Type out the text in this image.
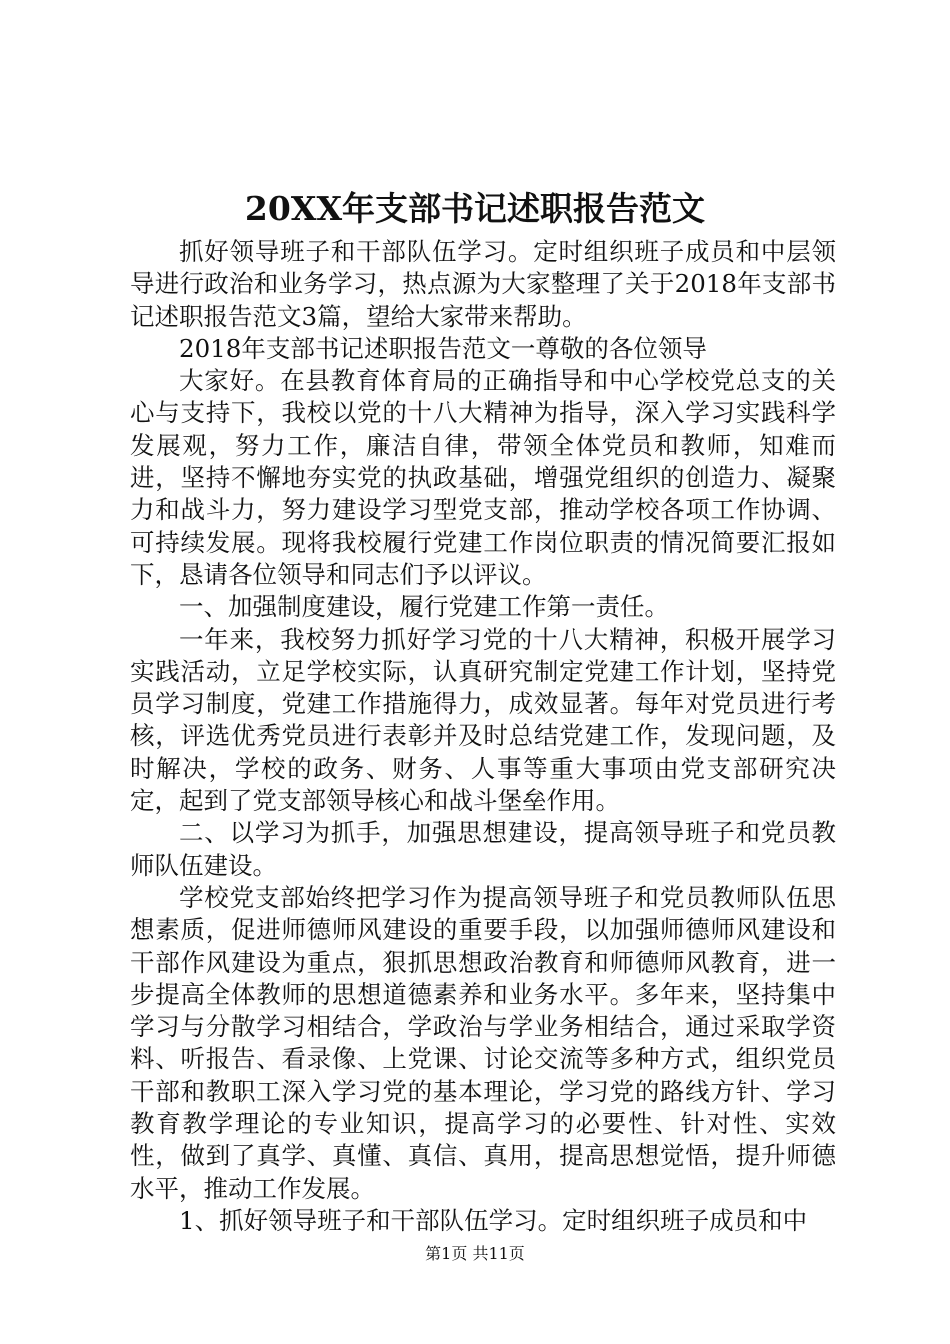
20XX年支部书记述职报告范文

抓好领导班子和干部队伍学习。定时组织班子成员和中层领导进行政治和业务学习，热点源为大家整理了关于2018年支部书记述职报告范文3篇，望给大家带来帮助。

2018年支部书记述职报告范文一尊敬的各位领导

大家好。在县教育体育局的正确指导和中心学校党总支的关心与支持下，我校以党的十八大精神为指导，深入学习实践科学发展观，努力工作，廉洁自律，带领全体党员和教师，知难而进，坚持不懈地夯实党的执政基础，增强党组织的创造力、凝聚力和战斗力，努力建设学习型党支部，推动学校各项工作协调、可持续发展。现将我校履行党建工作岗位职责的情况简要汇报如下，恳请各位领导和同志们予以评议。

一、加强制度建设，履行党建工作第一责任。

一年来，我校努力抓好学习党的十八大精神，积极开展学习实践活动，立足学校实际，认真研究制定党建工作计划，坚持党员学习制度，党建工作措施得力，成效显著。每年对党员进行考核，评选优秀党员进行表彰并及时总结党建工作，发现问题，及时解决，学校的政务、财务、人事等重大事项由党支部研究决定，起到了党支部领导核心和战斗堡垒作用。

二、以学习为抓手，加强思想建设，提高领导班子和党员教师队伍建设。

学校党支部始终把学习作为提高领导班子和党员教师队伍思想素质，促进师德师风建设的重要手段，以加强师德师风建设和干部作风建设为重点，狠抓思想政治教育和师德师风教育，进一步提高全体教师的思想道德素养和业务水平。多年来，坚持集中学习与分散学习相结合，学政治与学业务相结合，通过采取学资料、听报告、看录像、上党课、讨论交流等多种方式，组织党员干部和教职工深入学习党的基本理论，学习党的路线方针、学习教育教学理论的专业知识，提高学习的必要性、针对性、实效性，做到了真学、真懂、真信、真用，提高思想觉悟，提升师德水平，推动工作发展。

1、抓好领导班子和干部队伍学习。定时组织班子成员和中

第1页 共11页
